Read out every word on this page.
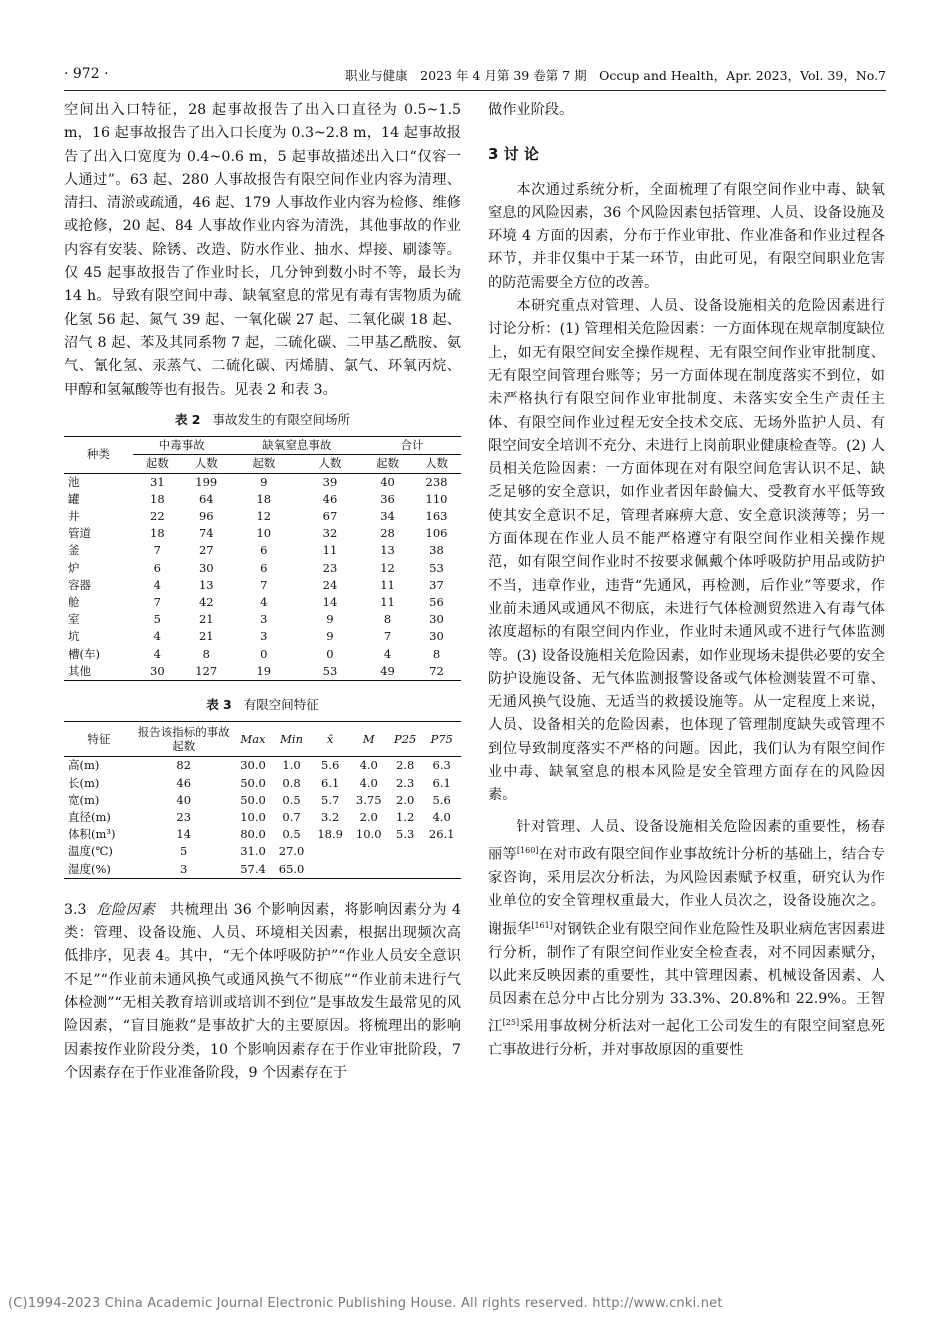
· 972 ·	职业与健康　2023 年 4 月第 39 卷第 7 期　Occup and Health，Apr. 2023，Vol. 39，No.7

空间出入口特征，28 起事故报告了出入口直径为 0.5~1.5 m，16 起事故报告了出入口长度为 0.3~2.8 m，14 起事故报告了出入口宽度为 0.4~0.6 m，5 起事故描述出入口“仅容一人通过”。63 起、280 人事故报告有限空间作业内容为清理、清扫、清淤或疏通，46 起、179 人事故作业内容为检修、维修或抢修，20 起、84 人事故作业内容为清洗，其他事故的作业内容有安装、除锈、改造、防水作业、抽水、焊接、刷漆等。仅 45 起事故报告了作业时长，几分钟到数小时不等，最长为 14 h。导致有限空间中毒、缺氧窒息的常见有毒有害物质为硫化氢 56 起、氮气 39 起、一氧化碳 27 起、二氧化碳 18 起、沼气 8 起、苯及其同系物 7 起，二硫化碳、二甲基乙酰胺、氨气、氰化氢、汞蒸气、二硫化碳、丙烯腈、氯气、环氧丙烷、甲醇和氢氟酸等也有报告。见表 2 和表 3。

表 2 事故发生的有限空间场所
种类	中毒事故		缺氧窒息事故		合计	
	起数	人数	起数	人数	起数	人数
池	31	199	9	39	40	238
罐	18	64	18	46	36	110
井	22	96	12	67	34	163
管道	18	74	10	32	28	106
釜	7	27	6	11	13	38
炉	6	30	6	23	12	53
容器	4	13	7	24	11	37
舱	7	42	4	14	11	56
室	5	21	3	9	8	30
坑	4	21	3	9	7	30
槽(车)	4	8	0	0	4	8
其他	30	127	19	53	49	72
表 3 有限空间特征
特征	报告该指标的事故起数	Max	Min	x̄	M	P25	P75
高(m)	82	30.0	1.0	5.6	4.0	2.8	6.3
长(m)	46	50.0	0.8	6.1	4.0	2.3	6.1
宽(m)	40	50.0	0.5	5.7	3.75	2.0	5.6
直径(m)	23	10.0	0.7	3.2	2.0	1.2	4.0
体积(m³)	14	80.0	0.5	18.9	10.0	5.3	26.1
温度(℃)	5	31.0	27.0				
湿度(%)	3	57.4	65.0				

3.3 危险因素 共梳理出 36 个影响因素，将影响因素分为 4 类：管理、设备设施、人员、环境相关因素，根据出现频次高低排序，见表 4。其中，“无个体呼吸防护”“作业人员安全意识不足”“作业前未通风换气或通风换气不彻底”“作业前未进行气体检测”“无相关教育培训或培训不到位”是事故发生最常见的风险因素，“盲目施救”是事故扩大的主要原因。将梳理出的影响因素按作业阶段分类，10 个影响因素存在于作业审批阶段，7 个因素存在于作业准备阶段，9 个因素存在于

做作业阶段。

3 讨 论

本次通过系统分析，全面梳理了有限空间作业中毒、缺氧窒息的风险因素，36 个风险因素包括管理、人员、设备设施及环境 4 方面的因素，分布于作业审批、作业准备和作业过程各环节，并非仅集中于某一环节，由此可见，有限空间职业危害的防范需要全方位的改善。

本研究重点对管理、人员、设备设施相关的危险因素进行讨论分析：(1) 管理相关危险因素：一方面体现在规章制度缺位上，如无有限空间安全操作规程、无有限空间作业审批制度、无有限空间管理台账等；另一方面体现在制度落实不到位，如未严格执行有限空间作业审批制度、未落实安全生产责任主体、有限空间作业过程无安全技术交底、无场外监护人员、有限空间安全培训不充分、未进行上岗前职业健康检查等。(2) 人员相关危险因素：一方面体现在对有限空间危害认识不足、缺乏足够的安全意识，如作业者因年龄偏大、受教育水平低等致使其安全意识不足，管理者麻痹大意、安全意识淡薄等；另一方面体现在作业人员不能严格遵守有限空间作业相关操作规范，如有限空间作业时不按要求佩戴个体呼吸防护用品或防护不当，违章作业，违背“先通风，再检测，后作业”等要求，作业前未通风或通风不彻底，未进行气体检测贸然进入有毒气体浓度超标的有限空间内作业，作业时未通风或不进行气体监测等。(3) 设备设施相关危险因素，如作业现场未提供必要的安全防护设施设备、无气体监测报警设备或气体检测装置不可靠、无通风换气设施、无适当的救援设施等。从一定程度上来说，人员、设备相关的危险因素，也体现了管理制度缺失或管理不到位导致制度落实不严格的问题。因此，我们认为有限空间作业中毒、缺氧窒息的根本风险是安全管理方面存在的风险因素。

针对管理、人员、设备设施相关危险因素的重要性，杨春丽等[160]在对市政有限空间作业事故统计分析的基础上，结合专家咨询，采用层次分析法，为风险因素赋予权重，研究认为作业单位的安全管理权重最大，作业人员次之，设备设施次之。谢振华[161]对钢铁企业有限空间作业危险性及职业病危害因素进行分析，制作了有限空间作业安全检查表，对不同因素赋分，以此来反映因素的重要性，其中管理因素、机械设备因素、人员因素在总分中占比分别为 33.3%、20.8%和 22.9%。王智江[25]采用事故树分析法对一起化工公司发生的有限空间窒息死亡事故进行分析，并对事故原因的重要性

(C)1994-2023 China Academic Journal Electronic Publishing House. All rights reserved. http://www.cnki.net
